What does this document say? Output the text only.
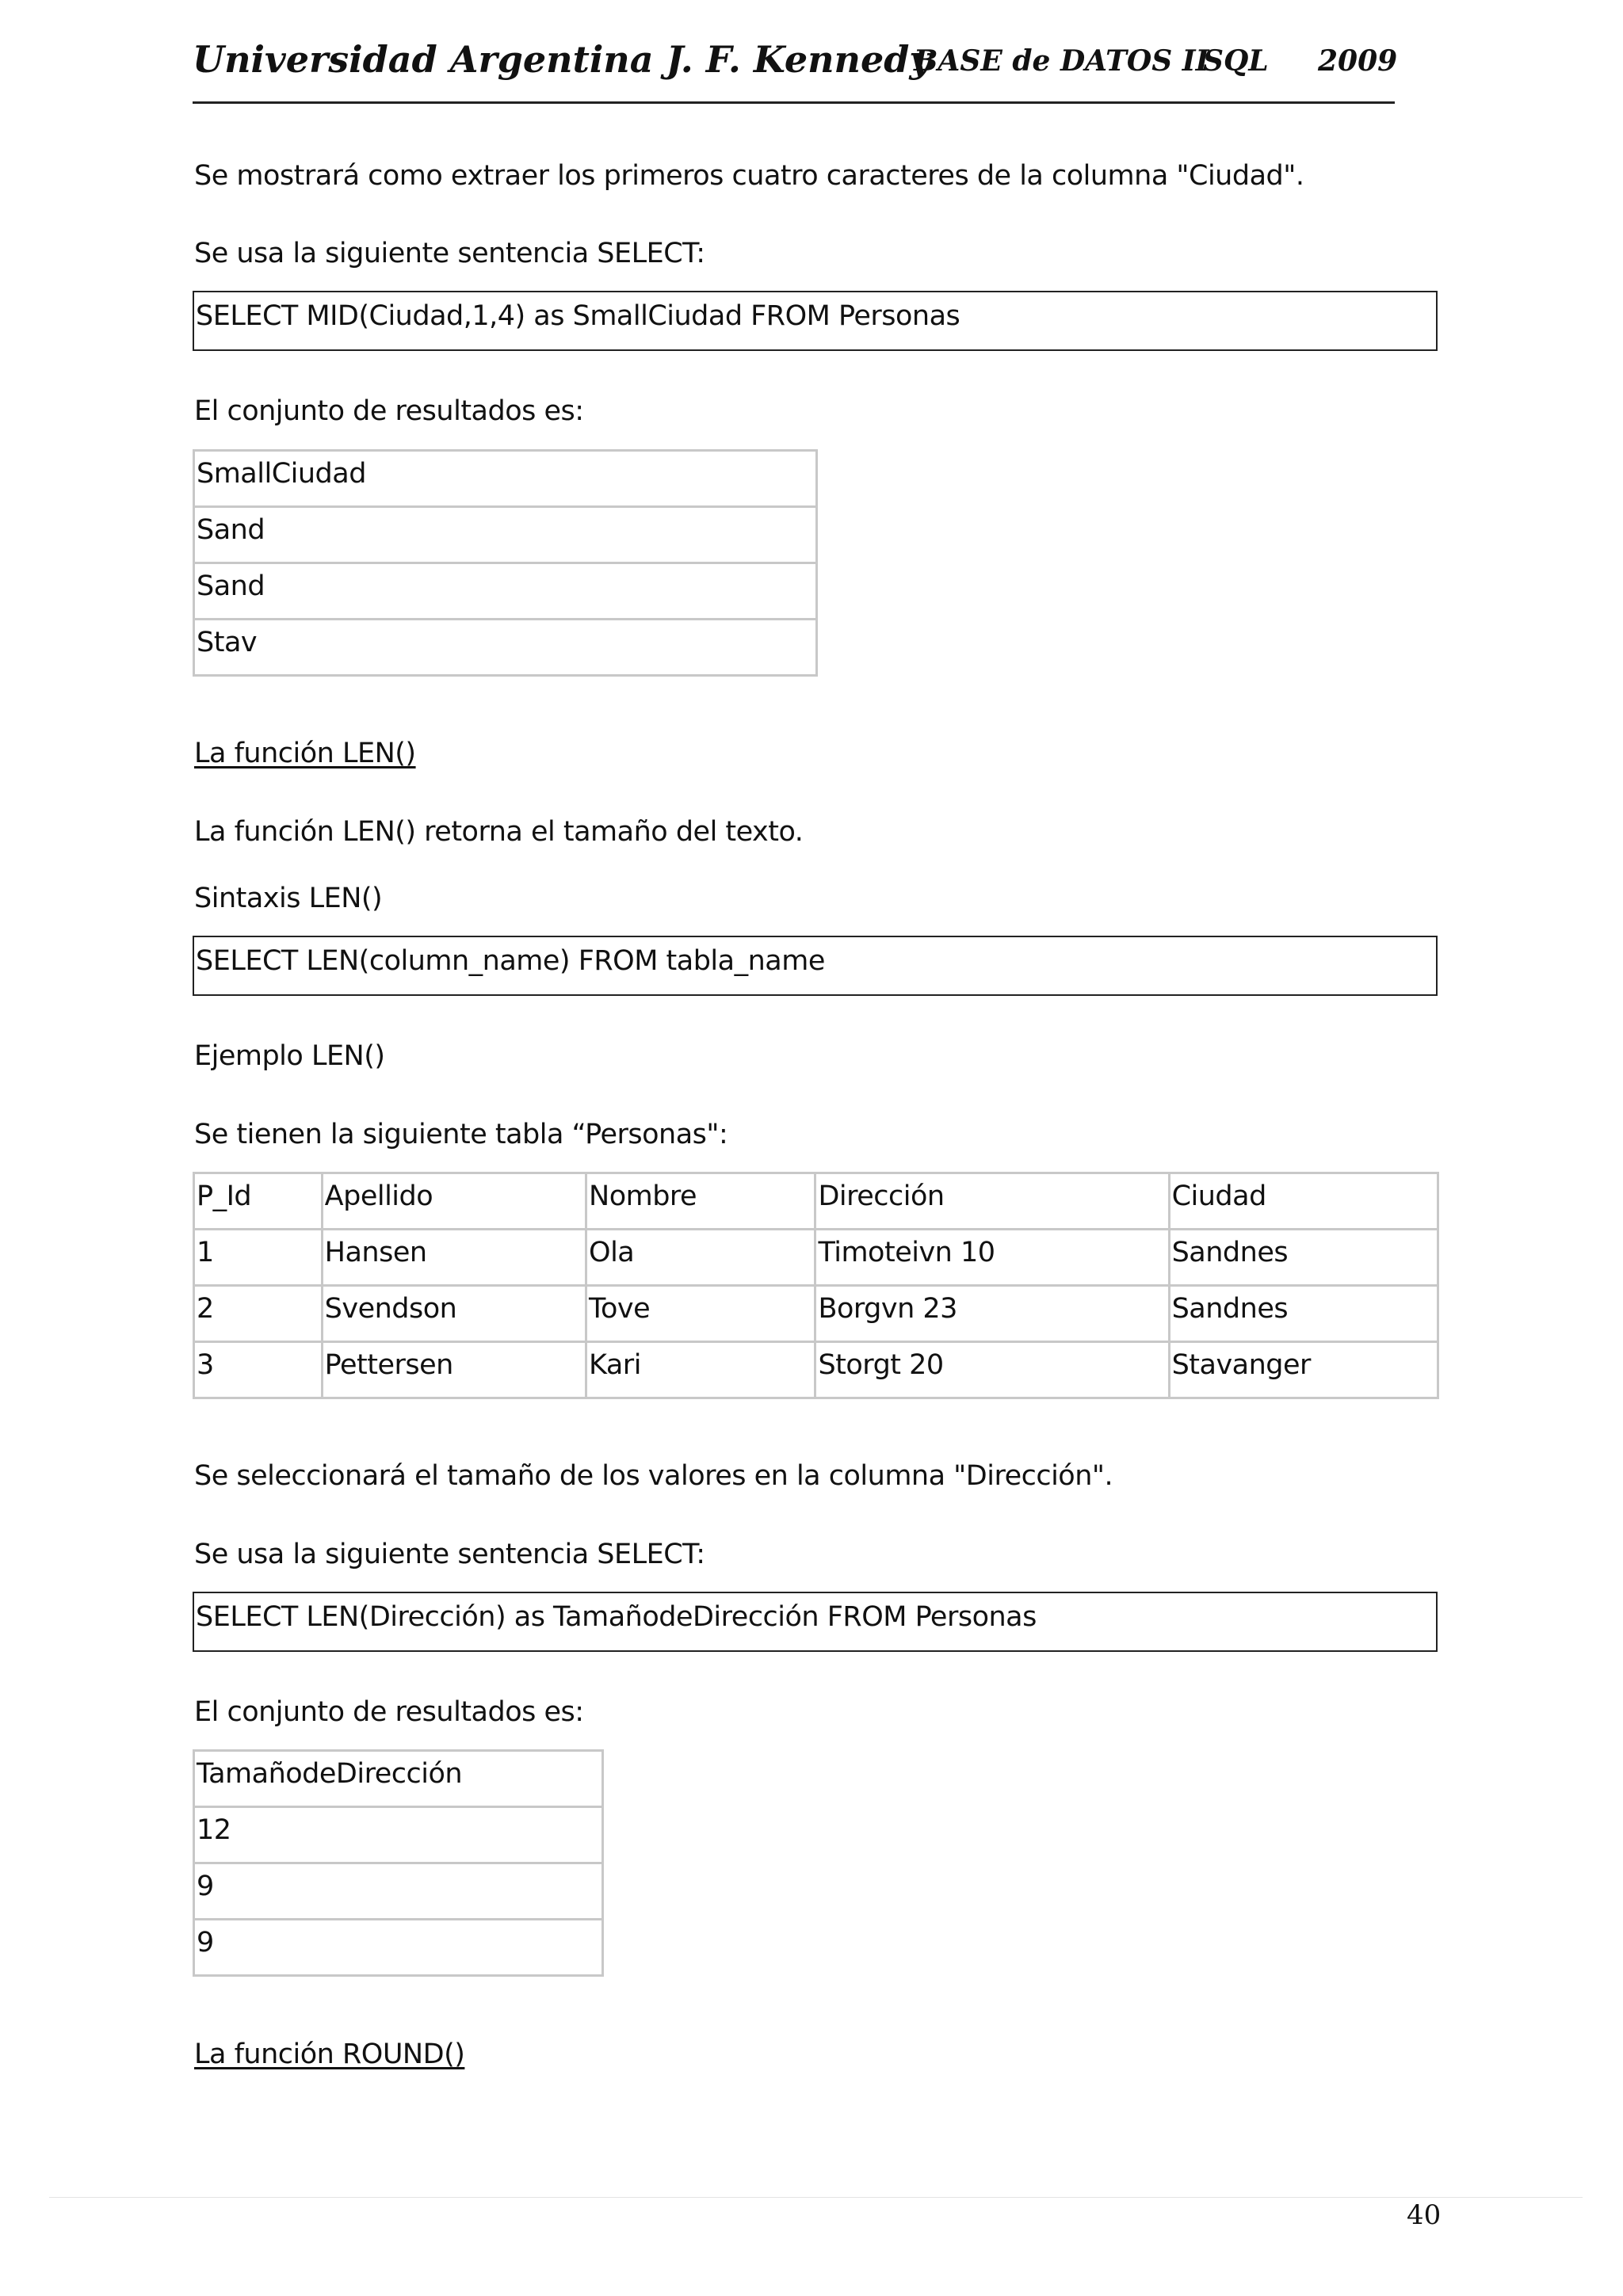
Universidad Argentina J. F. Kennedy
BASE de DATOS II
SQL 2009
Se mostrará como extraer los primeros cuatro caracteres de la columna "Ciudad".
Se usa la siguiente sentencia SELECT:
SELECT MID(Ciudad,1,4) as SmallCiudad FROM Personas
El conjunto de resultados es:
SmallCiudad
Sand
Sand
Stav
La función LEN()
La función LEN() retorna el tamaño del texto.
Sintaxis LEN()
SELECT LEN(column_name) FROM tabla_name
Ejemplo LEN()
Se tienen la siguiente tabla “Personas":
P_Id	Apellido	Nombre	Dirección	Ciudad
1	Hansen	Ola	Timoteivn 10	Sandnes
2	Svendson	Tove	Borgvn 23	Sandnes
3	Pettersen	Kari	Storgt 20	Stavanger
Se seleccionará el tamaño de los valores en la columna "Dirección".
Se usa la siguiente sentencia SELECT:
SELECT LEN(Dirección) as TamañodeDirección FROM Personas
El conjunto de resultados es:
TamañodeDirección
12
9
9
La función ROUND()
40
